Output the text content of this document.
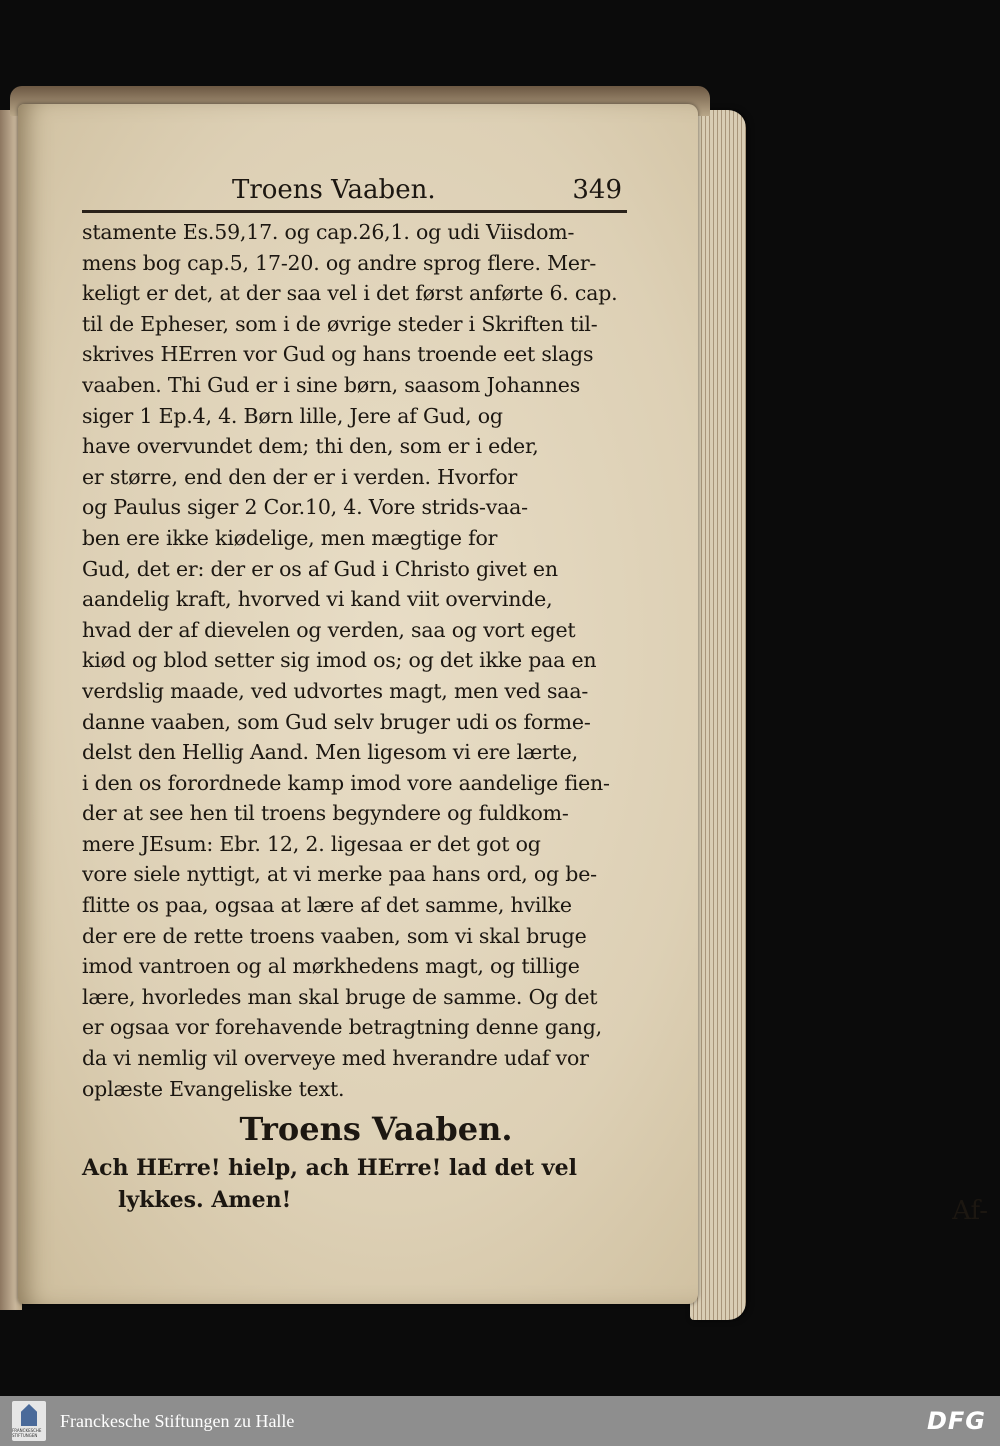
Troens Vaaben.	349
stamente Es.59,17. og cap.26,1. og udi Viisdom-
mens bog cap.5, 17-20. og andre sprog flere. Mer-
keligt er det, at der saa vel i det først anførte 6. cap.
til de Epheser, som i de øvrige steder i Skriften til-
skrives HErren vor Gud og hans troende eet slags
vaaben. Thi Gud er i sine børn, saasom Johannes
siger 1 Ep.4, 4. Børn lille, Jere af Gud, og
have overvundet dem; thi den, som er i eder,
er større, end den der er i verden. Hvorfor
og Paulus siger 2 Cor.10, 4. Vore strids-vaa-
ben ere ikke kiødelige, men mægtige for
Gud, det er: der er os af Gud i Christo givet en
aandelig kraft, hvorved vi kand viit overvinde,
hvad der af dievelen og verden, saa og vort eget
kiød og blod setter sig imod os; og det ikke paa en
verdslig maade, ved udvortes magt, men ved saa-
danne vaaben, som Gud selv bruger udi os forme-
delst den Hellig Aand. Men ligesom vi ere lærte,
i den os forordnede kamp imod vore aandelige fien-
der at see hen til troens begyndere og fuldkom-
mere JEsum: Ebr. 12, 2. ligesaa er det got og
vore siele nyttigt, at vi merke paa hans ord, og be-
flitte os paa, ogsaa at lære af det samme, hvilke
der ere de rette troens vaaben, som vi skal bruge
imod vantroen og al mørkhedens magt, og tillige
lære, hvorledes man skal bruge de samme. Og det
er ogsaa vor forehavende betragtning denne gang,
da vi nemlig vil overveye med hverandre udaf vor
oplæste Evangeliske text.
Troens Vaaben.
Ach HErre! hielp, ach HErre! lad det vel
lykkes. Amen!	Af-
FRANCKESCHE STIFTUNGEN
Franckesche Stiftungen zu Halle	DFG
